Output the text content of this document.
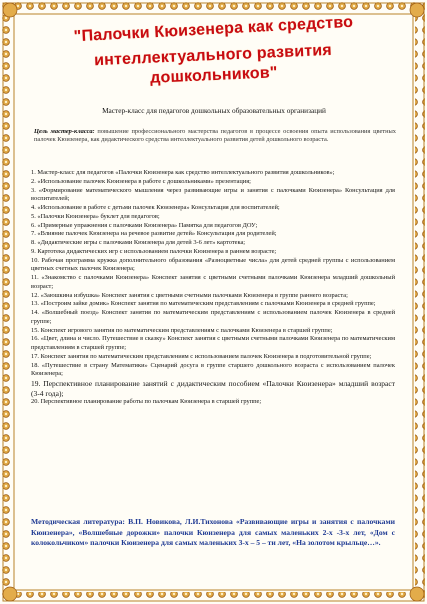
"Палочки Кюизенера как средство
интеллектуального развития дошкольников"
Мастер-класс для педагогов дошкольных образовательных организаций
Цель мастер-класса: повышение профессионального мастерства педагогов в процессе освоения опыта использования цветных палочек Кюизенера, как дидактического средства интеллектуального развития детей дошкольного возраста.
1. Мастер-класс для педагогов «Палочки Кюизенера как средство интеллектуального развития дошкольников»;
2. «Использование палочек Кюизенера в работе с дошкольниками» презентация;
3. «Формирование математического мышления через развивающие игры и занятия с палочками Кюизенера» Консультация для воспитателей;
4. «Использование в работе с детьми палочек Кюизенера» Консультация для воспитателей;
5. «Палочки Кюизенера» буклет для педагогов;
6. «Примерные упражнения с палочками Кюизенера» Памятка для педагогов ДОУ;
7. «Влияние палочек Кюизенера на речевое развитие детей» Консультация для родителей;
8. «Дидактические игры с палочками Кюизенера для детей 3-6 лет» картотека;
9. Картотека дидактических игр с использованием палочки Кюизенера в раннем возрасте;
10. Рабочая программа кружка дополнительного образования «Разноцветные числа» для детей средней группы с использованием цветных счетных палочек Кюизенера;
11. «Знакомство с палочками Кюизенера» Конспект занятия с цветными счетными палочками Кюизенера младший дошкольный возраст;
12. «Заюшкина избушка» Конспект занятия с цветными счетными палочками Кюизенера в группе раннего возраста;
13. «Построим зайке домик» Конспект занятия по математическим представлениям с палочками Кюизенера в средней группе;
14. «Волшебный поезд» Конспект занятия по математическим представлениям с использованием палочек Кюизенера в средней группе;
15. Конспект игрового занятия по математическим представлениям с палочками Кюизенера в старшей группе;
16. «Цвет, длина и число. Путешествие в сказку» Конспект занятия с цветными счетными палочками Кюизенера по математическим представлениям в старшей группе;
17. Конспект занятия по математическим представлениям с использованием палочек Кюизенера в подготовительной группе;
18. «Путешествие в страну Математики» Сценарий досуга в группе старшего дошкольного возраста с использованием палочек Кюизенера;
19. Перспективное планирование занятий с дидактическим пособием «Палочки Кюизенера» младший возраст (3-4 года);
20. Перспективное планирование работы по палочкам Кюизенера в старшей группе;
Методическая литература: В.П. Новикова, Л.И.Тихонова «Развивающие игры и занятия с палочками Кюизенера», «Волшебные дорожки» палочки Кюизенера для самых маленьких 2-х -3-х лет, «Дом с колокольчиком» палочки Кюизенера для самых маленьких 3-х – 5 – ти лет, «На золотом крыльце…».
